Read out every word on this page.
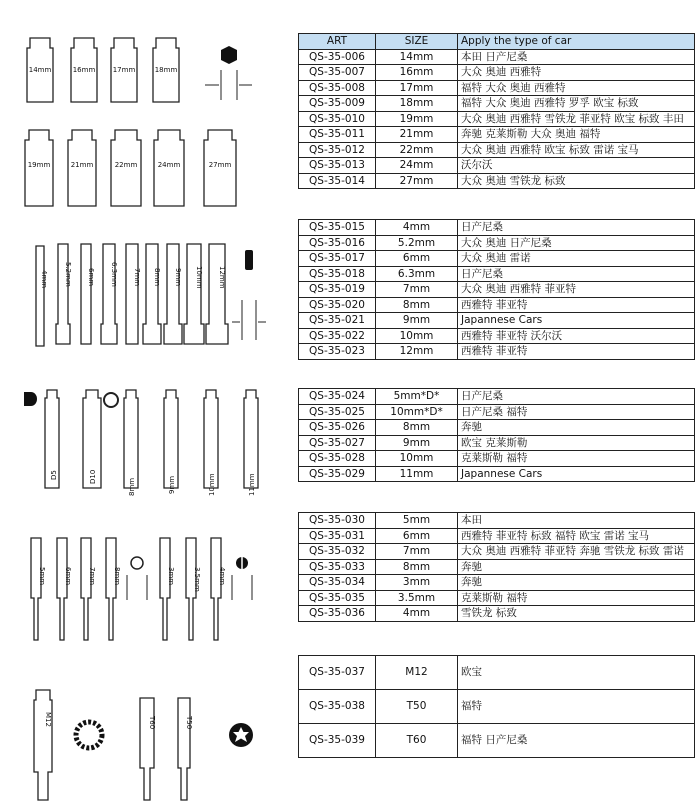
14mm	16mm 17mm	18mm
19mm	21mm	22mm	24mm	27mm
4mm 5.2mm 6mm 6.3mm 7mm 8mm 9mm 10mm 12mm
D5	D10
8mm	9mm	10mm	11mm
5mm	6mm 7mm 8mm	3mm	3.5mm 4mm
M12	T60	T50
ART	SIZE	Apply the type of car
QS-35-006	14mm	本田 日产尼桑
QS-35-007	16mm	大众 奥迪 西雅特
QS-35-008	17mm	福特 大众 奥迪 西雅特
QS-35-009	18mm	福特 大众 奥迪 西雅特 罗孚 欧宝 标致
QS-35-010	19mm	大众 奥迪 西雅特 雪铁龙 菲亚特 欧宝 标致 丰田
QS-35-011	21mm	奔驰 克莱斯勒 大众 奥迪 福特
QS-35-012	22mm	大众 奥迪 西雅特 欧宝 标致 雷诺 宝马
QS-35-013	24mm	沃尔沃
QS-35-014	27mm	大众 奥迪 雪铁龙 标致
QS-35-015	4mm	日产尼桑
QS-35-016	5.2mm	大众 奥迪 日产尼桑
QS-35-017	6mm	大众 奥迪 雷诺
QS-35-018	6.3mm	日产尼桑
QS-35-019	7mm	大众 奥迪 西雅特 菲亚特
QS-35-020	8mm	西雅特 菲亚特
QS-35-021	9mm	Japannese Cars
QS-35-022	10mm	西雅特 菲亚特 沃尔沃
QS-35-023	12mm	西雅特 菲亚特
QS-35-024	5mm*D*	日产尼桑
QS-35-025	10mm*D*	日产尼桑 福特
QS-35-026	8mm	奔驰
QS-35-027	9mm	欧宝 克莱斯勒
QS-35-028	10mm	克莱斯勒 福特
QS-35-029	11mm	Japannese Cars
QS-35-030	5mm	本田
QS-35-031	6mm	西雅特 菲亚特 标致 福特 欧宝 雷诺 宝马
QS-35-032	7mm	大众 奥迪 西雅特 菲亚特 奔驰 雪铁龙 标致 雷诺
QS-35-033	8mm	奔驰
QS-35-034	3mm	奔驰
QS-35-035	3.5mm	克莱斯勒 福特
QS-35-036	4mm	雪铁龙 标致
QS-35-037	M12	欧宝
QS-35-038	T50	福特
QS-35-039	T60	福特 日产尼桑
